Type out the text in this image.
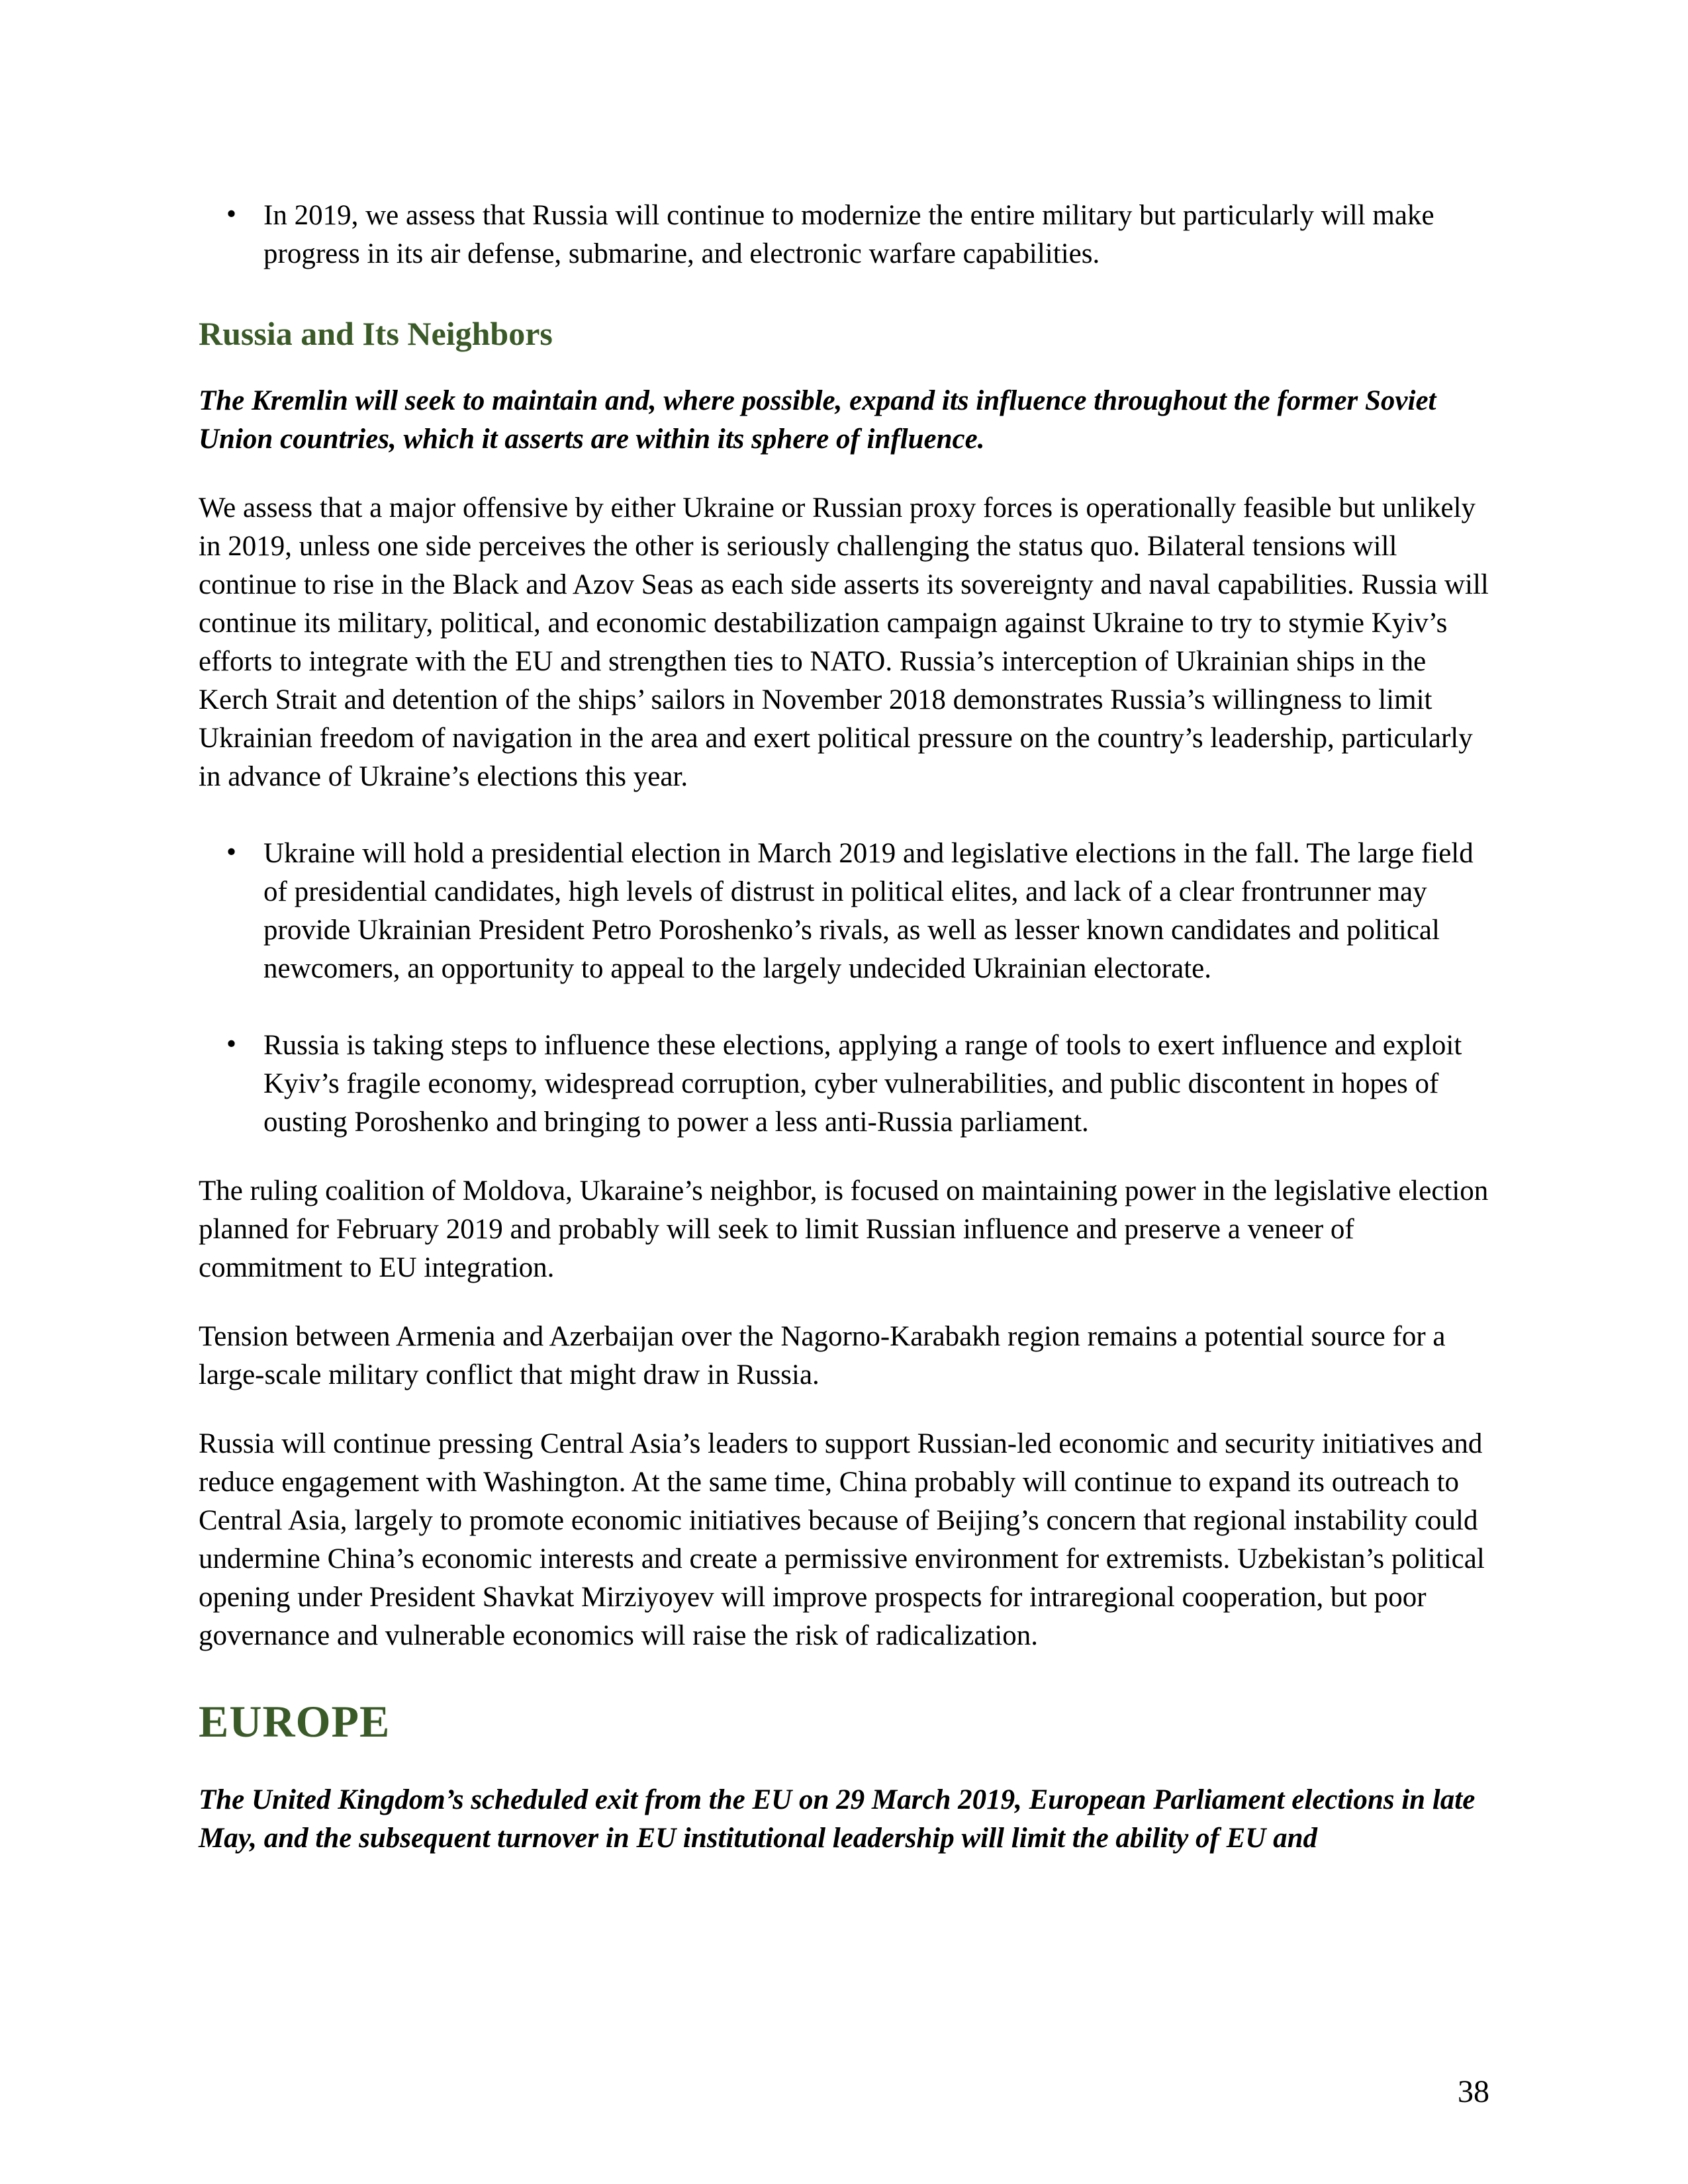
• In 2019, we assess that Russia will continue to modernize the entire military but particularly will make progress in its air defense, submarine, and electronic warfare capabilities.
Russia and Its Neighbors

The Kremlin will seek to maintain and, where possible, expand its influence throughout the former Soviet Union countries, which it asserts are within its sphere of influence.

We assess that a major offensive by either Ukraine or Russian proxy forces is operationally feasible but unlikely in 2019, unless one side perceives the other is seriously challenging the status quo. Bilateral tensions will continue to rise in the Black and Azov Seas as each side asserts its sovereignty and naval capabilities. Russia will continue its military, political, and economic destabilization campaign against Ukraine to try to stymie Kyiv’s efforts to integrate with the EU and strengthen ties to NATO. Russia’s interception of Ukrainian ships in the Kerch Strait and detention of the ships’ sailors in November 2018 demonstrates Russia’s willingness to limit Ukrainian freedom of navigation in the area and exert political pressure on the country’s leadership, particularly in advance of Ukraine’s elections this year.

• Ukraine will hold a presidential election in March 2019 and legislative elections in the fall. The large field of presidential candidates, high levels of distrust in political elites, and lack of a clear frontrunner may provide Ukrainian President Petro Poroshenko’s rivals, as well as lesser known candidates and political newcomers, an opportunity to appeal to the largely undecided Ukrainian electorate.
• Russia is taking steps to influence these elections, applying a range of tools to exert influence and exploit Kyiv’s fragile economy, widespread corruption, cyber vulnerabilities, and public discontent in hopes of ousting Poroshenko and bringing to power a less anti-Russia parliament.

The ruling coalition of Moldova, Ukaraine’s neighbor, is focused on maintaining power in the legislative election planned for February 2019 and probably will seek to limit Russian influence and preserve a veneer of commitment to EU integration.

Tension between Armenia and Azerbaijan over the Nagorno-Karabakh region remains a potential source for a large-scale military conflict that might draw in Russia.

Russia will continue pressing Central Asia’s leaders to support Russian-led economic and security initiatives and reduce engagement with Washington. At the same time, China probably will continue to expand its outreach to Central Asia, largely to promote economic initiatives because of Beijing’s concern that regional instability could undermine China’s economic interests and create a permissive environment for extremists. Uzbekistan’s political opening under President Shavkat Mirziyoyev will improve prospects for intraregional cooperation, but poor governance and vulnerable economics will raise the risk of radicalization.

EUROPE

The United Kingdom’s scheduled exit from the EU on 29 March 2019, European Parliament elections in late May, and the subsequent turnover in EU institutional leadership will limit the ability of EU and

38
